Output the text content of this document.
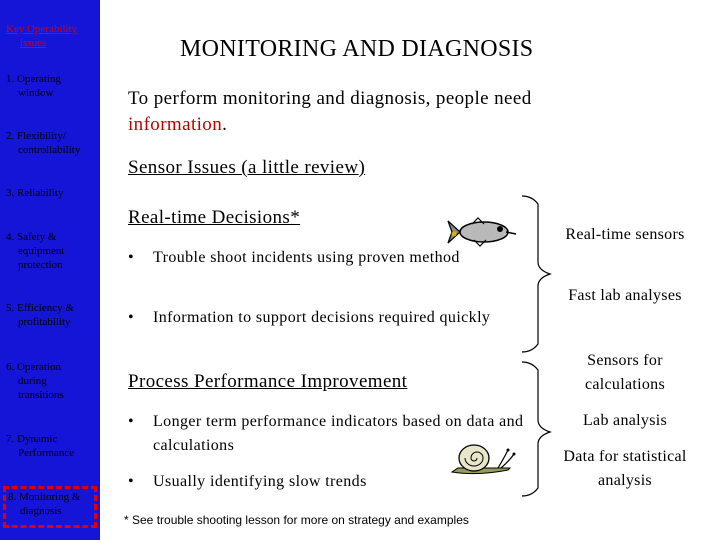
Key Operability
issues
1. Operating
window
2. Flexibility/
controllability
3. Reliability
4. Safety &
equipment
protection
5. Efficiency &
profitability
6. Operation
during
transitions
7. Dynamic
Performance
8. Monitoring &
diagnosis
MONITORING AND DIAGNOSIS
To perform monitoring and diagnosis, people need
information.
Sensor Issues (a little review)
Real-time Decisions*
•	Trouble shoot incidents using proven method
•	Information to support decisions required quickly
Process Performance Improvement
•	Longer term performance indicators based on data and calculations
•	Usually identifying slow trends
Real-time sensors
Fast lab analyses
Sensors for calculations
Lab analysis
Data for statistical analysis
* See trouble shooting lesson for more on strategy and examples
